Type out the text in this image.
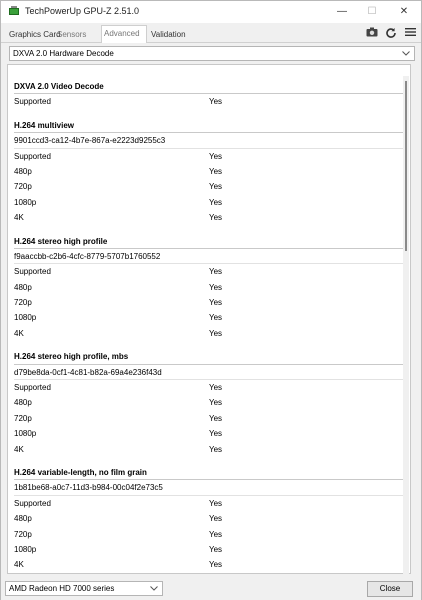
TechPowerUp GPU-Z 2.51.0	—	☐	✕
Graphics Card
Sensors	Advanced	Validation
DXVA 2.0 Hardware Decode
DXVA 2.0 Video Decode
Supported	Yes
H.264 multiview
9901ccd3-ca12-4b7e-867a-e2223d9255c3
Supported	Yes
480p	Yes
720p	Yes
1080p	Yes
4K	Yes
H.264 stereo high profile
f9aaccbb-c2b6-4cfc-8779-5707b1760552
Supported	Yes
480p	Yes
720p	Yes
1080p	Yes
4K	Yes
H.264 stereo high profile, mbs
d79be8da-0cf1-4c81-b82a-69a4e236f43d
Supported	Yes
480p	Yes
720p	Yes
1080p	Yes
4K	Yes
H.264 variable-length, no film grain
1b81be68-a0c7-11d3-b984-00c04f2e73c5
Supported	Yes
480p	Yes
720p	Yes
1080p	Yes
4K	Yes
AMD Radeon HD 7000 series	Close
